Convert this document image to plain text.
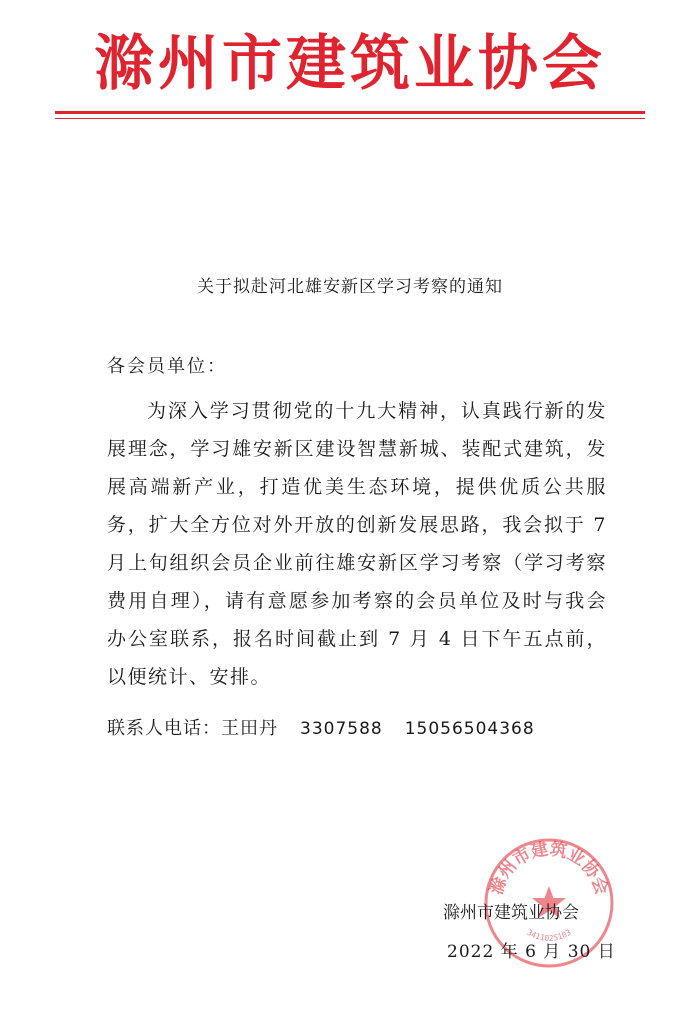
滁州市建筑业协会
关于拟赴河北雄安新区学习考察的通知
各会员单位：

为深入学习贯彻党的十九大精神，认真践行新的发展理念，学习雄安新区建设智慧新城、装配式建筑，发展高端新产业，打造优美生态环境，提供优质公共服务，扩大全方位对外开放的创新发展思路，我会拟于 7 月上旬组织会员企业前往雄安新区学习考察（学习考察费用自理），请有意愿参加考察的会员单位及时与我会办公室联系，报名时间截止到 7 月 4 日下午五点前，以便统计、安排。

联系人电话：王田丹 3307588 15056504368
滁州市建筑业协会
3411025103
滁州市建筑业协会
2022 年 6 月 30 日
